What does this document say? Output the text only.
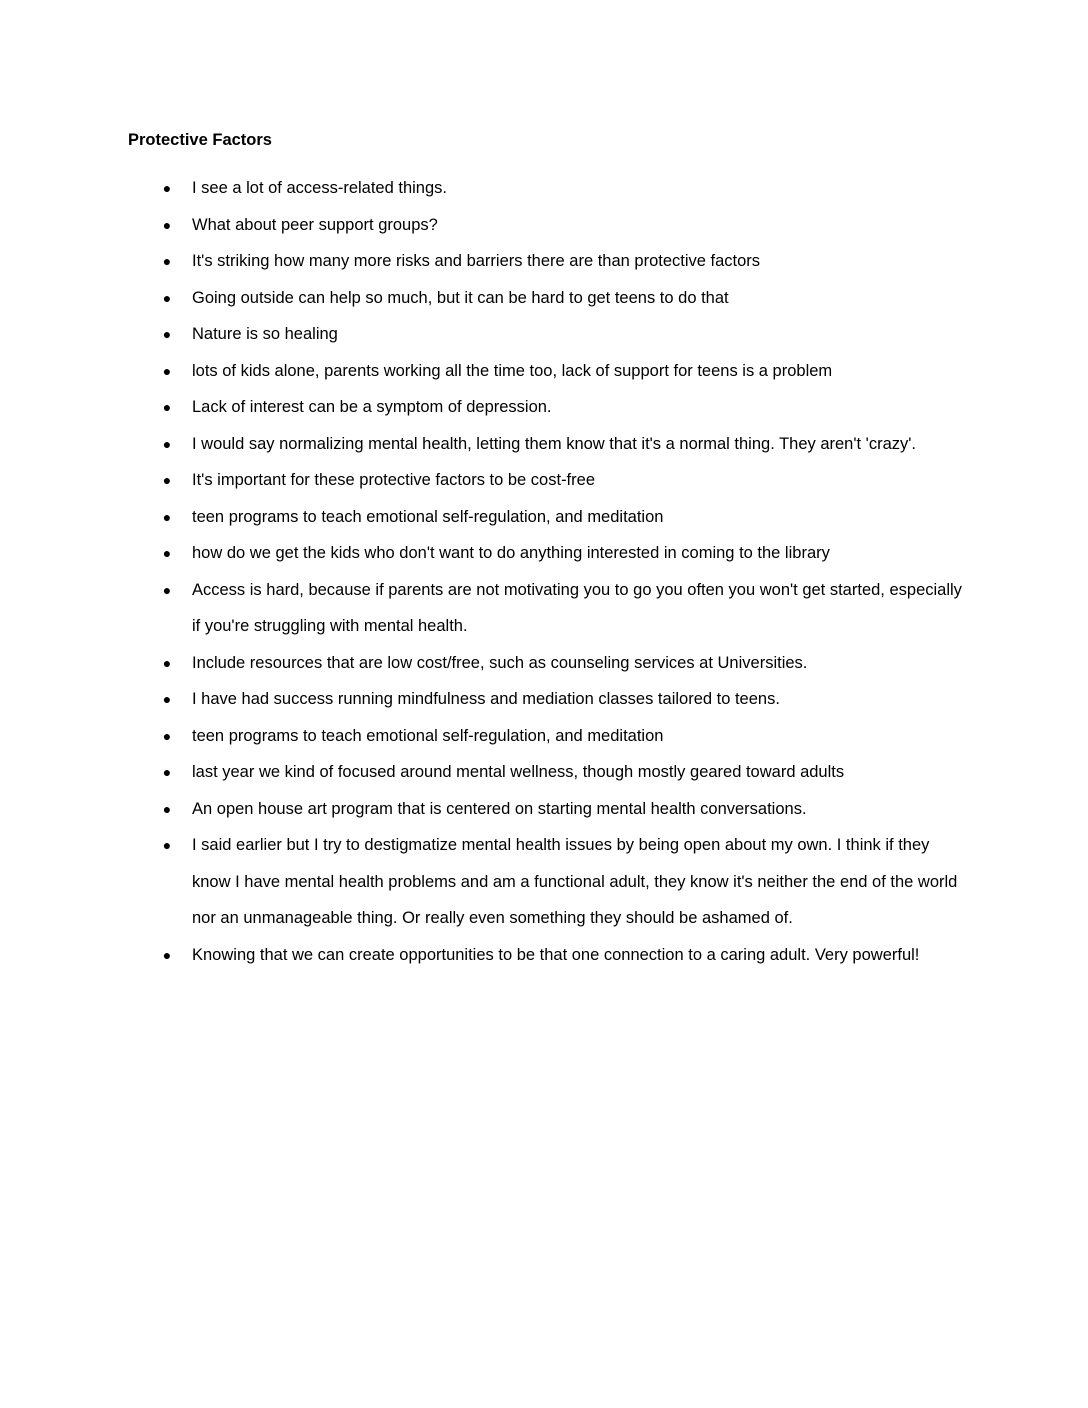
Protective Factors
● I see a lot of access-related things.
● What about peer support groups?
● It's striking how many more risks and barriers there are than protective factors
● Going outside can help so much, but it can be hard to get teens to do that
● Nature is so healing
● lots of kids alone, parents working all the time too, lack of support for teens is a problem
● Lack of interest can be a symptom of depression.
● I would say normalizing mental health, letting them know that it's a normal thing. They aren't 'crazy'.
● It's important for these protective factors to be cost-free
● teen programs to teach emotional self-regulation, and meditation
● how do we get the kids who don't want to do anything interested in coming to the library
● Access is hard, because if parents are not motivating you to go you often you won't get started, especially if you're struggling with mental health.
● Include resources that are low cost/free, such as counseling services at Universities.
● I have had success running mindfulness and mediation classes tailored to teens.
● teen programs to teach emotional self-regulation, and meditation
● last year we kind of focused around mental wellness, though mostly geared toward adults
● An open house art program that is centered on starting mental health conversations.
● I said earlier but I try to destigmatize mental health issues by being open about my own. I think if they know I have mental health problems and am a functional adult, they know it's neither the end of the world nor an unmanageable thing. Or really even something they should be ashamed of.
● Knowing that we can create opportunities to be that one connection to a caring adult. Very powerful!
